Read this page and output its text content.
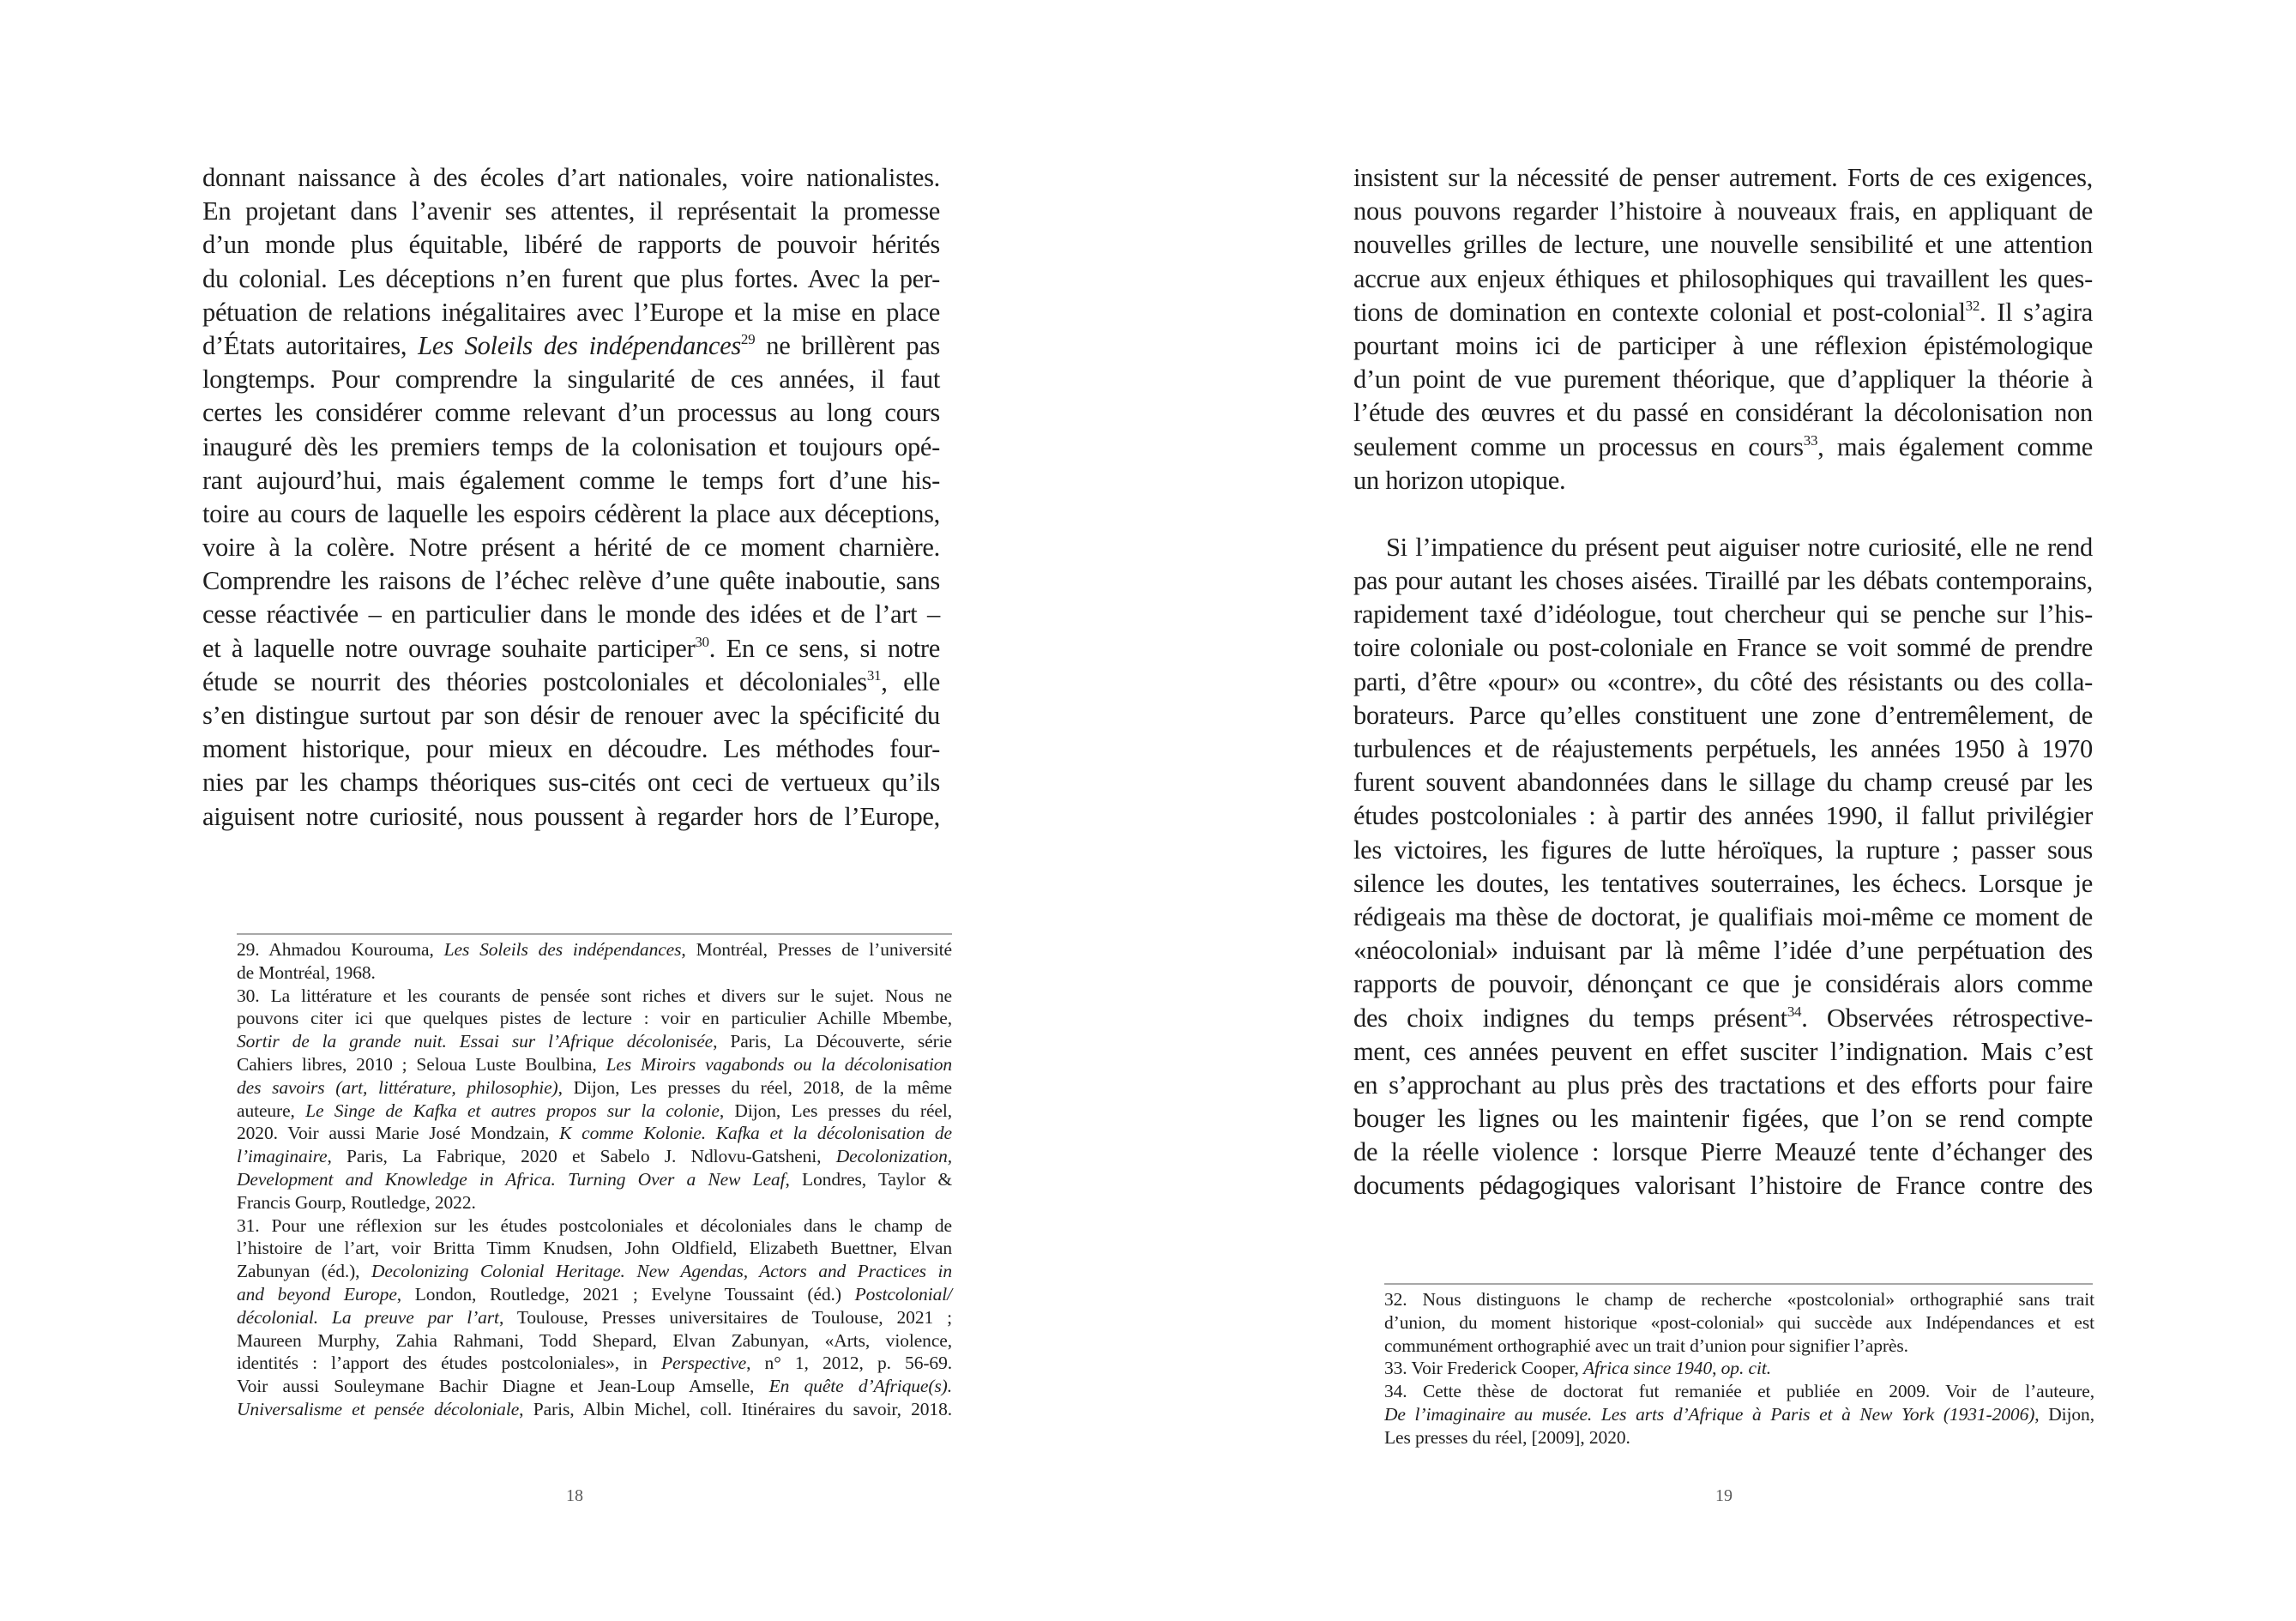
donnant naissance à des écoles d’art nationales, voire nationalistes.
En projetant dans l’avenir ses attentes, il représentait la promesse
d’un monde plus équitable, libéré de rapports de pouvoir hérités
du colonial. Les déceptions n’en furent que plus fortes. Avec la per-
pétuation de relations inégalitaires avec l’Europe et la mise en place
d’États autoritaires, Les Soleils des indépendances$^{29}$ ne brillèrent pas
longtemps. Pour comprendre la singularité de ces années, il faut
certes les considérer comme relevant d’un processus au long cours
inauguré dès les premiers temps de la colonisation et toujours opé-
rant aujourd’hui, mais également comme le temps fort d’une his-
toire au cours de laquelle les espoirs cédèrent la place aux déceptions,
voire à la colère. Notre présent a hérité de ce moment charnière.
Comprendre les raisons de l’échec relève d’une quête inaboutie, sans
cesse réactivée – en particulier dans le monde des idées et de l’art –
et à laquelle notre ouvrage souhaite participer$^{30}$. En ce sens, si notre
étude se nourrit des théories postcoloniales et décoloniales$^{31}$, elle
s’en distingue surtout par son désir de renouer avec la spécificité du
moment historique, pour mieux en découdre. Les méthodes four-
nies par les champs théoriques sus-cités ont ceci de vertueux qu’ils
aiguisent notre curiosité, nous poussent à regarder hors de l’Europe,
29. Ahmadou Kourouma, Les Soleils des indépendances, Montréal, Presses de l’université
de Montréal, 1968.
30. La littérature et les courants de pensée sont riches et divers sur le sujet. Nous ne
pouvons citer ici que quelques pistes de lecture : voir en particulier Achille Mbembe,
Sortir de la grande nuit. Essai sur l’Afrique décolonisée, Paris, La Découverte, série
Cahiers libres, 2010 ; Seloua Luste Boulbina, Les Miroirs vagabonds ou la décolonisation
des savoirs (art, littérature, philosophie), Dijon, Les presses du réel, 2018, de la même
auteure, Le Singe de Kafka et autres propos sur la colonie, Dijon, Les presses du réel,
2020. Voir aussi Marie José Mondzain, K comme Kolonie. Kafka et la décolonisation de
l’imaginaire, Paris, La Fabrique, 2020 et Sabelo J. Ndlovu-Gatsheni, Decolonization,
Development and Knowledge in Africa. Turning Over a New Leaf, Londres, Taylor &
Francis Gourp, Routledge, 2022.
31. Pour une réflexion sur les études postcoloniales et décoloniales dans le champ de
l’histoire de l’art, voir Britta Timm Knudsen, John Oldfield, Elizabeth Buettner, Elvan
Zabunyan (éd.), Decolonizing Colonial Heritage. New Agendas, Actors and Practices in
and beyond Europe, London, Routledge, 2021 ; Evelyne Toussaint (éd.) Postcolonial/
décolonial. La preuve par l’art, Toulouse, Presses universitaires de Toulouse, 2021 ;
Maureen Murphy, Zahia Rahmani, Todd Shepard, Elvan Zabunyan, «Arts, violence,
identités : l’apport des études postcoloniales», in Perspective, n° 1, 2012, p. 56-69.
Voir aussi Souleymane Bachir Diagne et Jean-Loup Amselle, En quête d’Afrique(s).
Universalisme et pensée décoloniale, Paris, Albin Michel, coll. Itinéraires du savoir, 2018.
18
insistent sur la nécessité de penser autrement. Forts de ces exigences,
nous pouvons regarder l’histoire à nouveaux frais, en appliquant de
nouvelles grilles de lecture, une nouvelle sensibilité et une attention
accrue aux enjeux éthiques et philosophiques qui travaillent les ques-
tions de domination en contexte colonial et post-colonial$^{32}$. Il s’agira
pourtant moins ici de participer à une réflexion épistémologique
d’un point de vue purement théorique, que d’appliquer la théorie à
l’étude des œuvres et du passé en considérant la décolonisation non
seulement comme un processus en cours$^{33}$, mais également comme
un horizon utopique.
Si l’impatience du présent peut aiguiser notre curiosité, elle ne rend
pas pour autant les choses aisées. Tiraillé par les débats contemporains,
rapidement taxé d’idéologue, tout chercheur qui se penche sur l’his-
toire coloniale ou post-coloniale en France se voit sommé de prendre
parti, d’être «pour» ou «contre», du côté des résistants ou des colla-
borateurs. Parce qu’elles constituent une zone d’entremêlement, de
turbulences et de réajustements perpétuels, les années 1950 à 1970
furent souvent abandonnées dans le sillage du champ creusé par les
études postcoloniales : à partir des années 1990, il fallut privilégier
les victoires, les figures de lutte héroïques, la rupture ; passer sous
silence les doutes, les tentatives souterraines, les échecs. Lorsque je
rédigeais ma thèse de doctorat, je qualifiais moi-même ce moment de
«néocolonial» induisant par là même l’idée d’une perpétuation des
rapports de pouvoir, dénonçant ce que je considérais alors comme
des choix indignes du temps présent$^{34}$. Observées rétrospective-
ment, ces années peuvent en effet susciter l’indignation. Mais c’est
en s’approchant au plus près des tractations et des efforts pour faire
bouger les lignes ou les maintenir figées, que l’on se rend compte
de la réelle violence : lorsque Pierre Meauzé tente d’échanger des
documents pédagogiques valorisant l’histoire de France contre des
32. Nous distinguons le champ de recherche «postcolonial» orthographié sans trait
d’union, du moment historique «post-colonial» qui succède aux Indépendances et est
communément orthographié avec un trait d’union pour signifier l’après.
33. Voir Frederick Cooper, Africa since 1940, op. cit.
34. Cette thèse de doctorat fut remaniée et publiée en 2009. Voir de l’auteure,
De l’imaginaire au musée. Les arts d’Afrique à Paris et à New York (1931-2006), Dijon,
Les presses du réel, [2009], 2020.
19
